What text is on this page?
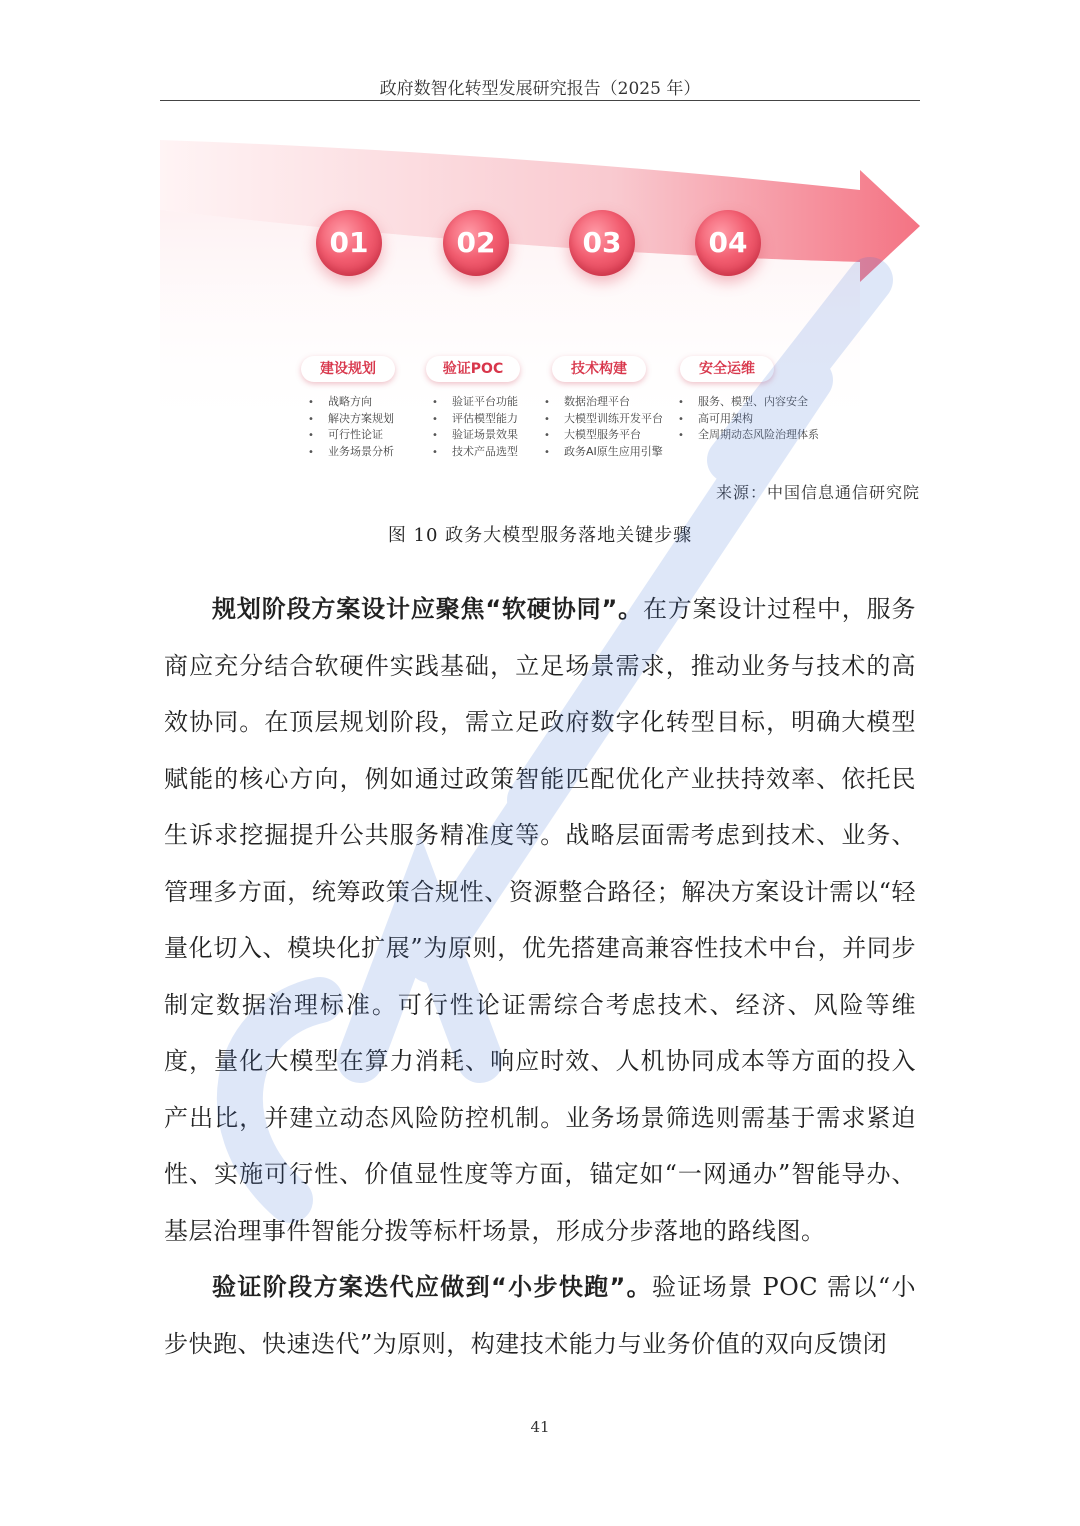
政府数智化转型发展研究报告（2025 年）
01	02	03	04
建设规划	验证POC	技术构建	安全运维
• 战略方向
• 解决方案规划
• 可行性论证
• 业务场景分析
• 验证平台功能
• 评估模型能力
• 验证场景效果
• 技术产品选型
• 数据治理平台
• 大模型训练开发平台
• 大模型服务平台
• 政务AI原生应用引擎
• 服务、模型、内容安全
• 高可用架构
• 全周期动态风险治理体系
来源：中国信息通信研究院
图 10 政务大模型服务落地关键步骤

规划阶段方案设计应聚焦“软硬协同”。在方案设计过程中，服务商应充分结合软硬件实践基础，立足场景需求，推动业务与技术的高效协同。在顶层规划阶段，需立足政府数字化转型目标，明确大模型赋能的核心方向，例如通过政策智能匹配优化产业扶持效率、依托民生诉求挖掘提升公共服务精准度等。战略层面需考虑到技术、业务、管理多方面，统筹政策合规性、资源整合路径；解决方案设计需以“轻量化切入、模块化扩展”为原则，优先搭建高兼容性技术中台，并同步制定数据治理标准。可行性论证需综合考虑技术、经济、风险等维度，量化大模型在算力消耗、响应时效、人机协同成本等方面的投入产出比，并建立动态风险防控机制。业务场景筛选则需基于需求紧迫性、实施可行性、价值显性度等方面，锚定如“一网通办”智能导办、基层治理事件智能分拨等标杆场景，形成分步落地的路线图。

验证阶段方案迭代应做到“小步快跑”。验证场景 POC 需以“小步快跑、快速迭代”为原则，构建技术能力与业务价值的双向反馈闭

41
